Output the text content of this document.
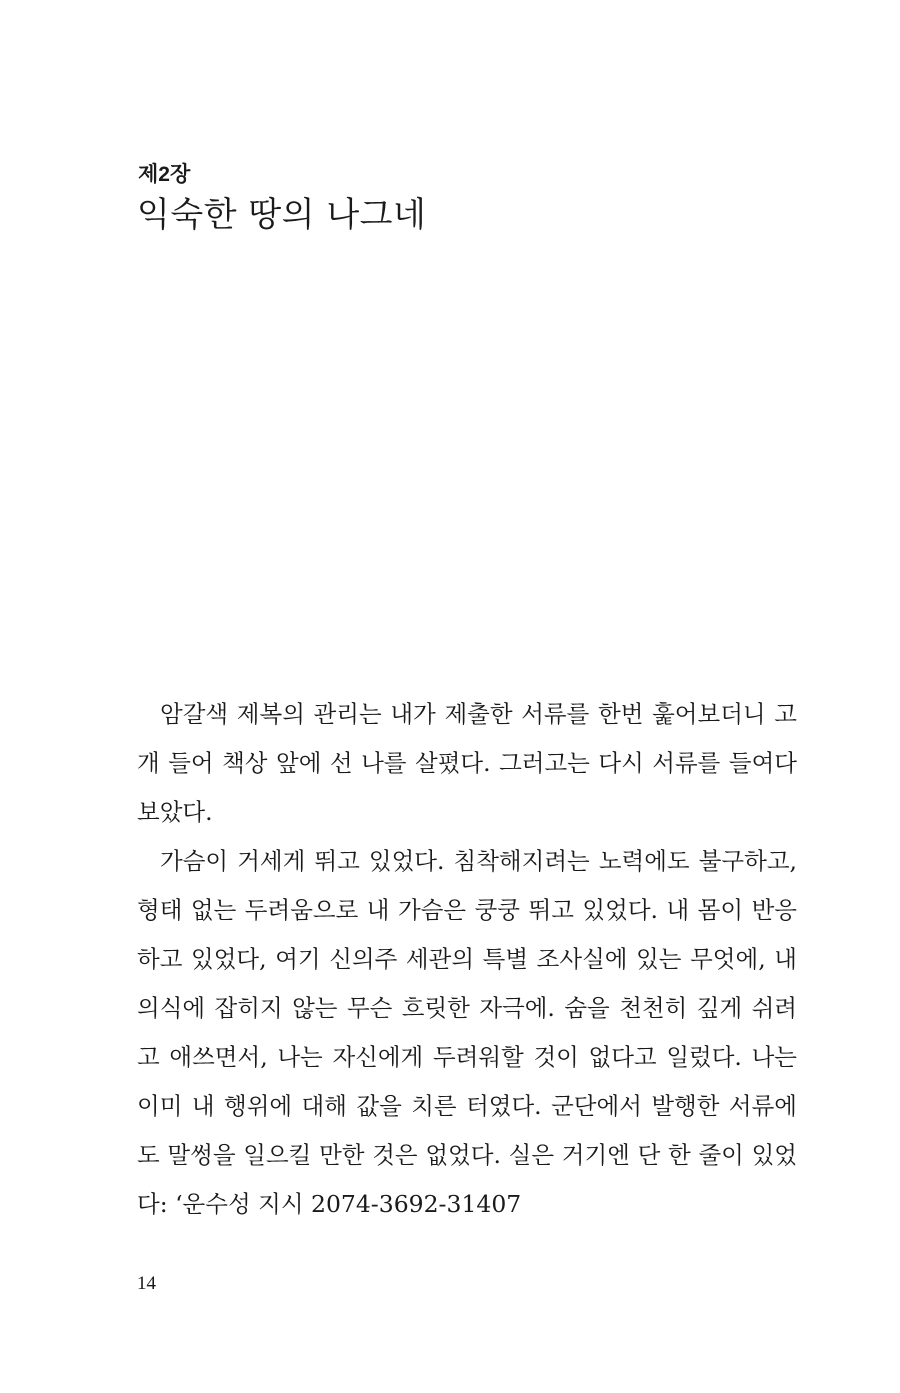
제2장

익숙한 땅의 나그네

암갈색 제복의 관리는 내가 제출한 서류를 한번 훑어보더니 고개 들어 책상 앞에 선 나를 살폈다. 그러고는 다시 서류를 들여다보았다.

가슴이 거세게 뛰고 있었다. 침착해지려는 노력에도 불구하고, 형태 없는 두려움으로 내 가슴은 쿵쿵 뛰고 있었다. 내 몸이 반응하고 있었다, 여기 신의주 세관의 특별 조사실에 있는 무엇에, 내 의식에 잡히지 않는 무슨 흐릿한 자극에. 숨을 천천히 깊게 쉬려고 애쓰면서, 나는 자신에게 두려워할 것이 없다고 일렀다. 나는 이미 내 행위에 대해 값을 치른 터였다. 군단에서 발행한 서류에도 말썽을 일으킬 만한 것은 없었다. 실은 거기엔 단 한 줄이 있었다: ‘운수성 지시 2074-3692-31407

14
